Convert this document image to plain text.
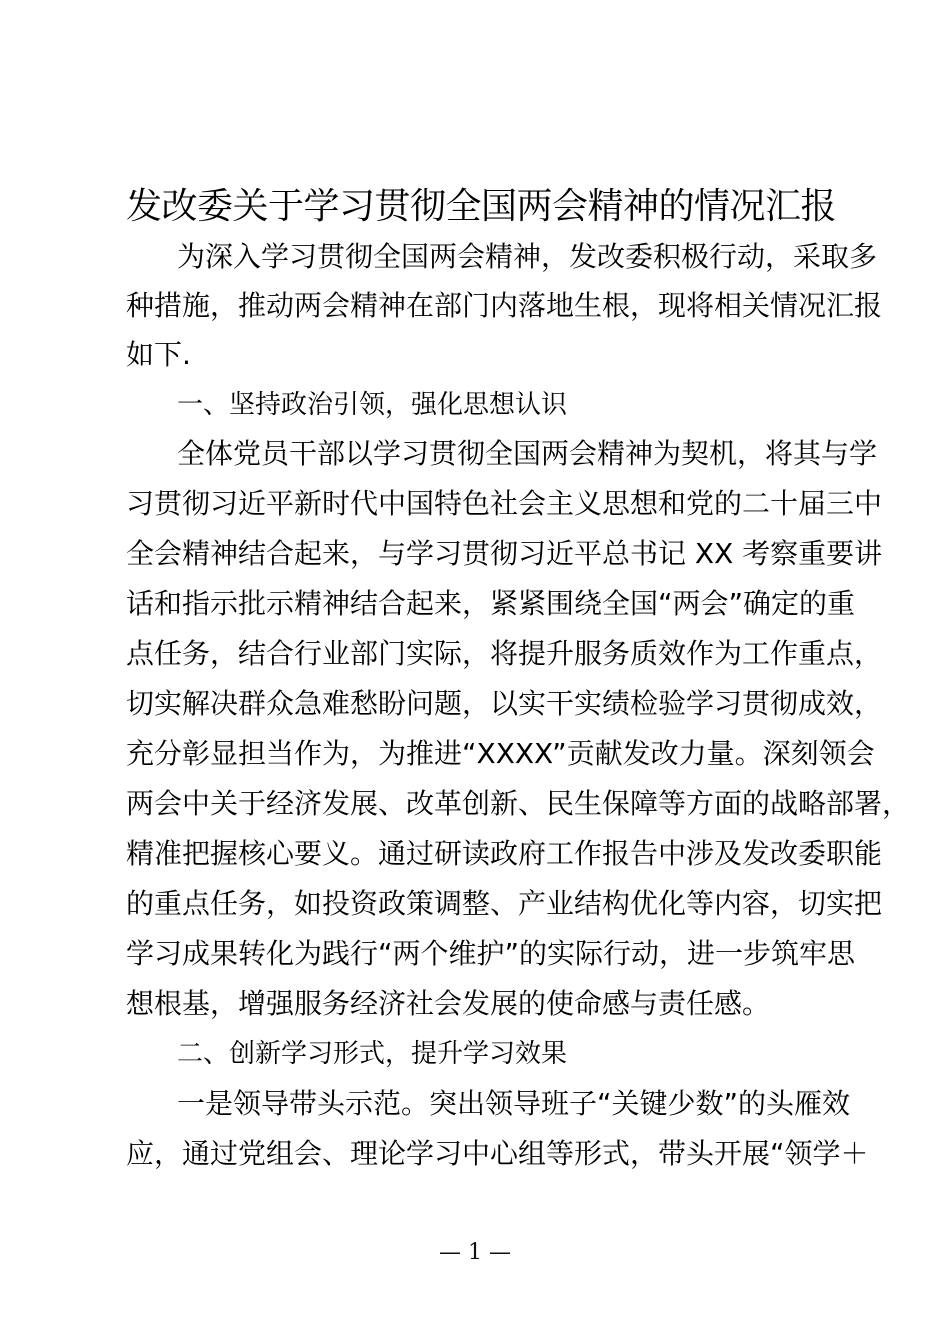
发改委关于学习贯彻全国两会精神的情况汇报
为深入学习贯彻全国两会精神，发改委积极行动，采取多
种措施，推动两会精神在部门内落地生根，现将相关情况汇报
如下.
一、坚持政治引领，强化思想认识
全体党员干部以学习贯彻全国两会精神为契机，将其与学
习贯彻习近平新时代中国特色社会主义思想和党的二十届三中
全会精神结合起来，与学习贯彻习近平总书记 XX 考察重要讲
话和指示批示精神结合起来，紧紧围绕全国“两会”确定的重
点任务，结合行业部门实际，将提升服务质效作为工作重点，
切实解决群众急难愁盼问题，以实干实绩检验学习贯彻成效，
充分彰显担当作为，为推进“XXXX”贡献发改力量。深刻领会
两会中关于经济发展、改革创新、民生保障等方面的战略部署，
精准把握核心要义。通过研读政府工作报告中涉及发改委职能
的重点任务，如投资政策调整、产业结构优化等内容，切实把
学习成果转化为践行“两个维护”的实际行动，进一步筑牢思
想根基，增强服务经济社会发展的使命感与责任感。
二、创新学习形式，提升学习效果
一是领导带头示范。突出领导班子“关键少数”的头雁效
应，通过党组会、理论学习中心组等形式，带头开展“领学＋
— 1 —
